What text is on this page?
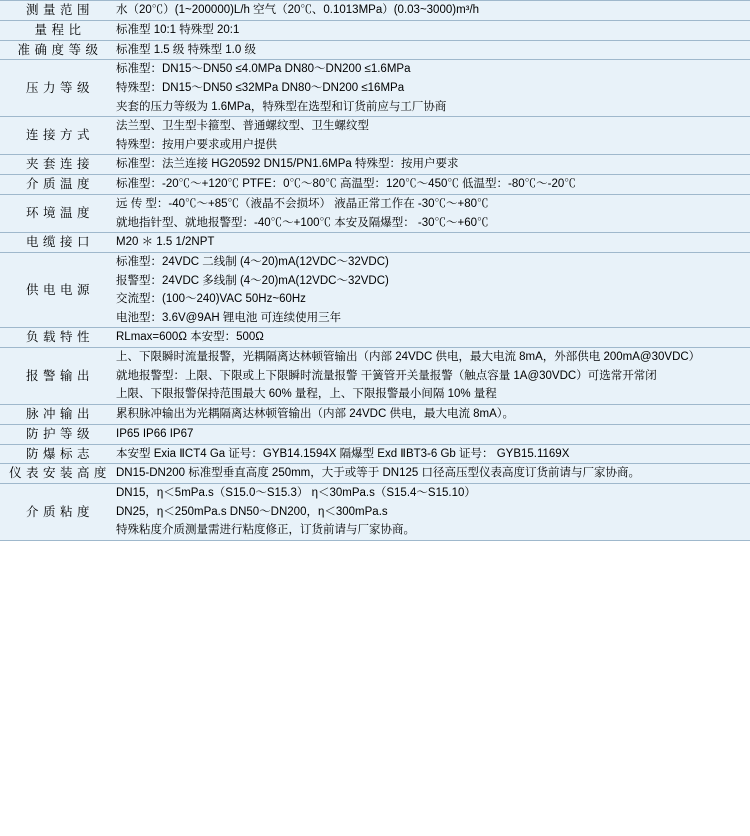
测 量 范 围	水（20℃）(1~200000)L/h 空气（20℃、0.1013MPa）(0.03~3000)m³/h

量 程 比	标准型 10:1 特殊型 20:1

准 确 度 等 级	标准型 1.5 级 特殊型 1.0 级

压 力 等 级	标准型：DN15～DN50 ≤4.0MPa DN80～DN200 ≤1.6MPa
特殊型：DN15～DN50 ≤32MPa DN80～DN200 ≤16MPa
夹套的压力等级为 1.6MPa，特殊型在选型和订货前应与工厂协商

连 接 方 式	法兰型、卫生型卡箍型、普通螺纹型、卫生螺纹型
特殊型：按用户要求或用户提供

夹 套 连 接	标准型：法兰连接 HG20592 DN15/PN1.6MPa 特殊型：按用户要求

介 质 温 度	标准型：-20℃～+120℃ PTFE：0℃～80℃ 高温型：120℃～450℃ 低温型：-80℃～-20℃

环 境 温 度	远 传 型：-40℃～+85℃（液晶不会损坏） 液晶正常工作在 -30℃～+80℃
就地指针型、就地报警型：-40℃～+100℃ 本安及隔爆型： -30℃～+60℃

电 缆 接 口	M20 ＊ 1.5 1/2NPT

供 电 电 源	标准型：24VDC 二线制 (4～20)mA(12VDC～32VDC)
报警型：24VDC 多线制 (4～20)mA(12VDC～32VDC)
交流型：(100～240)VAC 50Hz~60Hz
电池型：3.6V@9AH 锂电池 可连续使用三年

负 载 特 性	RLmax=600Ω 本安型：500Ω

报 警 输 出	上、下限瞬时流量报警，光耦隔离达林顿管输出（内部 24VDC 供电，最大电流 8mA，外部供电 200mA@30VDC）
就地报警型：上限、下限或上下限瞬时流量报警 干簧管开关量报警（触点容量 1A@30VDC）可选常开常闭
上限、下限报警保持范围最大 60% 量程，上、下限报警最小间隔 10% 量程

脉 冲 输 出	累积脉冲输出为光耦隔离达林顿管输出（内部 24VDC 供电，最大电流 8mA）。

防 护 等 级	IP65 IP66 IP67

防 爆 标 志	本安型 Exia ⅡCT4 Ga 证号：GYB14.1594X 隔爆型 Exd ⅡBT3-6 Gb 证号： GYB15.1169X

仪 表 安 装 高 度	DN15-DN200 标准型垂直高度 250mm，大于或等于 DN125 口径高压型仪表高度订货前请与厂家协商。

介 质 粘 度	DN15，η＜5mPa.s（S15.0～S15.3） η＜30mPa.s（S15.4～S15.10）
DN25，η＜250mPa.s DN50～DN200，η＜300mPa.s
特殊粘度介质测量需进行粘度修正，订货前请与厂家协商。
